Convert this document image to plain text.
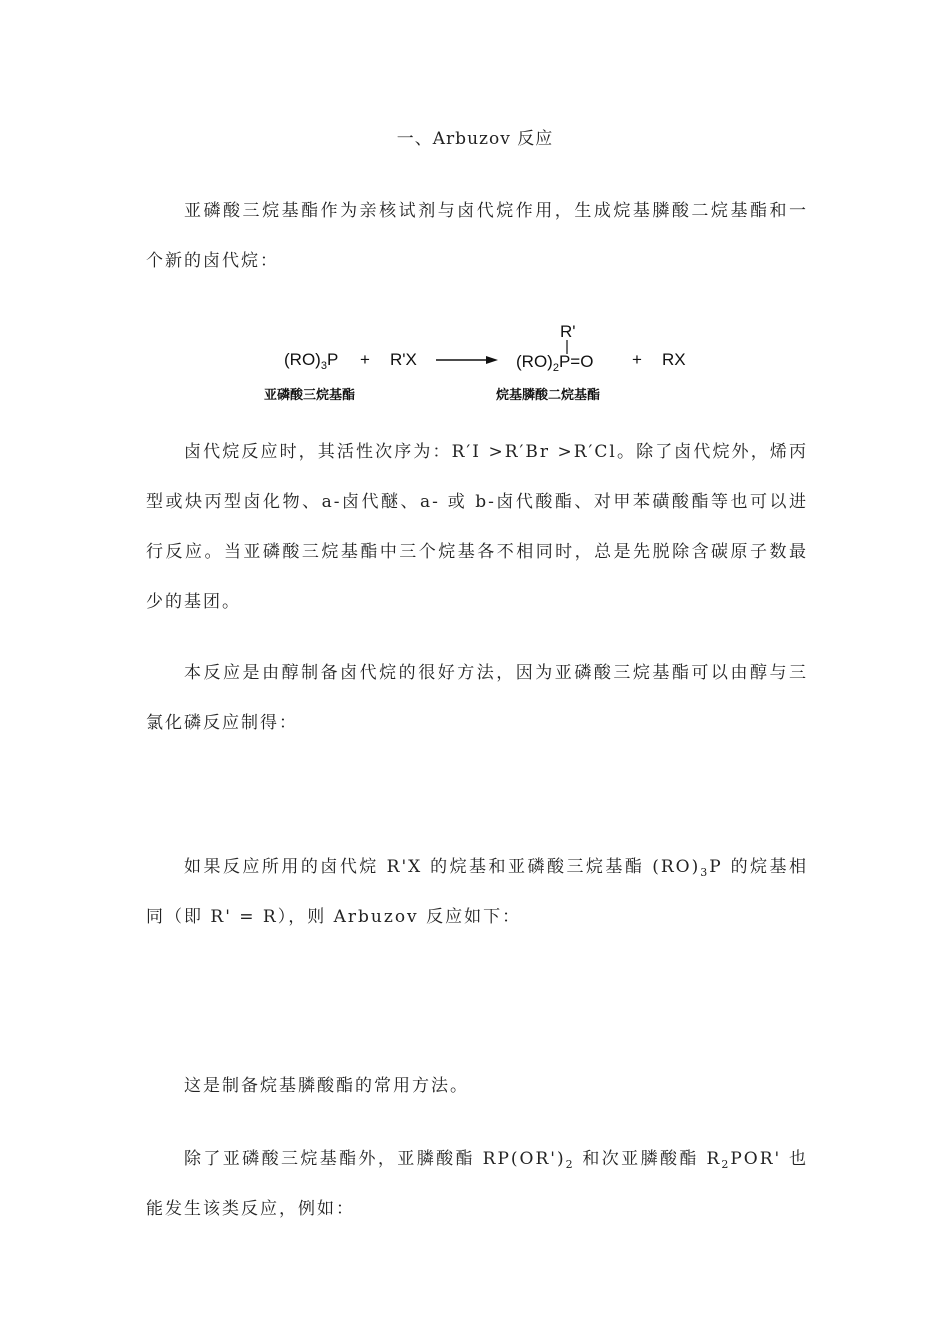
一、Arbuzov 反应

亚磷酸三烷基酯作为亲核试剂与卤代烷作用，生成烷基膦酸二烷基酯和一个新的卤代烷：

$(RO)_3P + R'X$ →
R'
$(RO)_2P=O$ + RX
亚磷酸三烷基酯	烷基膦酸二烷基酯

卤代烷反应时，其活性次序为：R′I >R′Br >R′Cl。除了卤代烷外，烯丙型或炔丙型卤化物、a-卤代醚、a- 或 b-卤代酸酯、对甲苯磺酸酯等也可以进行反应。当亚磷酸三烷基酯中三个烷基各不相同时，总是先脱除含碳原子数最少的基团。

本反应是由醇制备卤代烷的很好方法，因为亚磷酸三烷基酯可以由醇与三氯化磷反应制得：

如果反应所用的卤代烷 R'X 的烷基和亚磷酸三烷基酯 $(RO)_3P$ 的烷基相同（即 R' = R），则 Arbuzov 反应如下：

这是制备烷基膦酸酯的常用方法。

除了亚磷酸三烷基酯外，亚膦酸酯 $RP(OR')_2$ 和次亚膦酸酯 $R_2POR'$ 也能发生该类反应，例如：
